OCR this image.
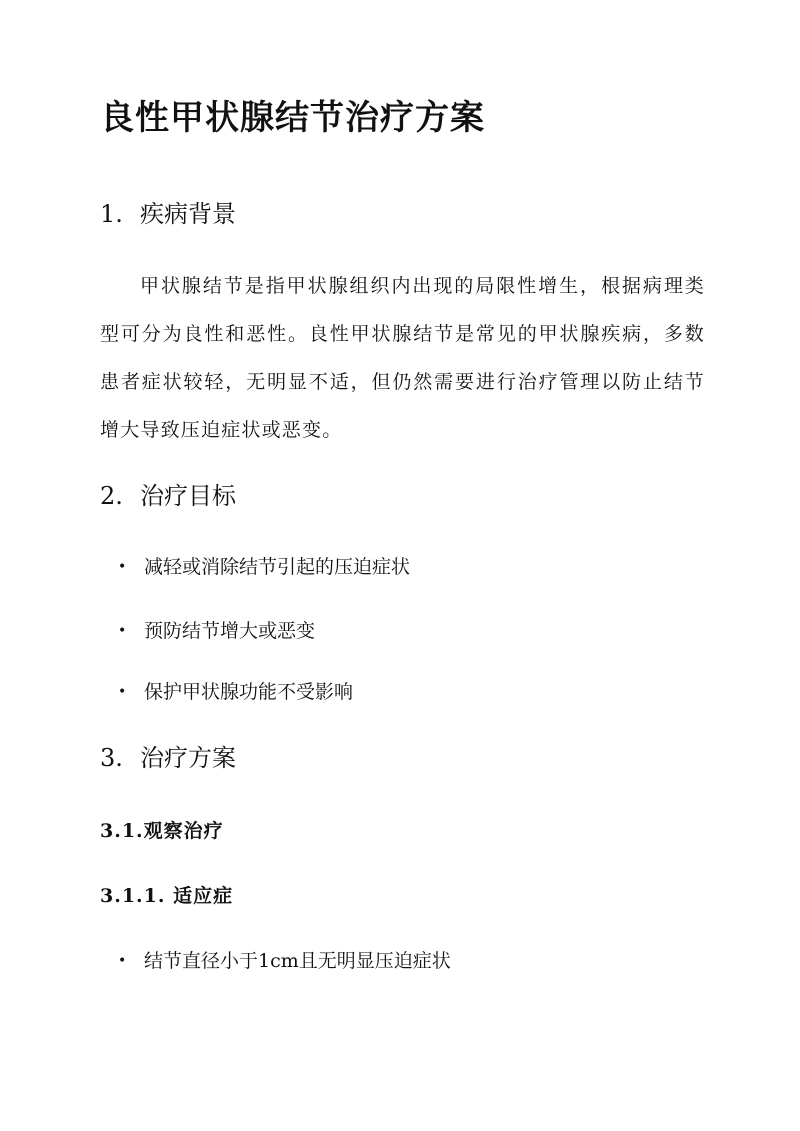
良性甲状腺结节治疗方案
1. 疾病背景
甲状腺结节是指甲状腺组织内出现的局限性增生，根据病理类型可分为良性和恶性。良性甲状腺结节是常见的甲状腺疾病，多数患者症状较轻，无明显不适，但仍然需要进行治疗管理以防止结节增大导致压迫症状或恶变。
2. 治疗目标
• 减轻或消除结节引起的压迫症状
• 预防结节增大或恶变
• 保护甲状腺功能不受影响
3. 治疗方案
3.1.观察治疗
3.1.1. 适应症
• 结节直径小于1cm且无明显压迫症状
